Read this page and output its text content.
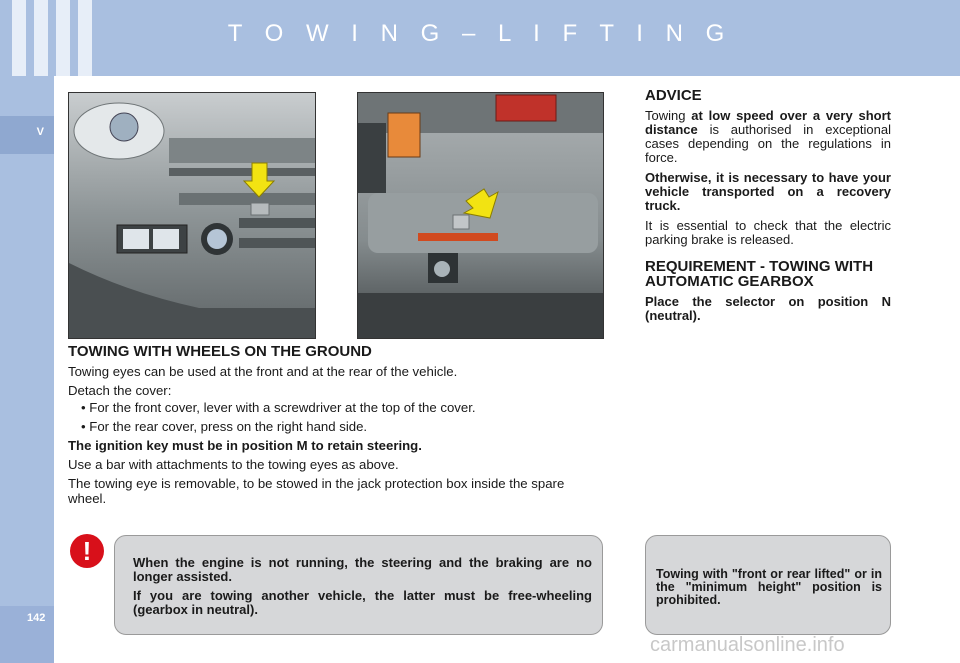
T O W I N G – L I F T I N G
V
142
TOWING WITH WHEELS ON THE GROUND

Towing eyes can be used at the front and at the rear of the vehicle.

Detach the cover:

• For the front cover, lever with a screwdriver at the top of the cover.

• For the rear cover, press on the right hand side.

The ignition key must be in position M to retain steering.

Use a bar with attachments to the towing eyes as above.

The towing eye is removable, to be stowed in the jack protection box inside the spare wheel.

ADVICE

Towing at low speed over a very short distance is authorised in exceptional cases depending on the regulations in force.

Otherwise, it is necessary to have your vehicle transported on a recovery truck.

It is essential to check that the electric parking brake is released.

REQUIREMENT - TOWING WITH AUTOMATIC GEARBOX

Place the selector on position N (neutral).

!	When the engine is not running, the steering and the braking are no longer assisted.

If you are towing another vehicle, the latter must be free-wheeling (gearbox in neutral).

Towing with "front or rear lifted" or in the "minimum height" position is prohibited.
carmanualsonline.info
